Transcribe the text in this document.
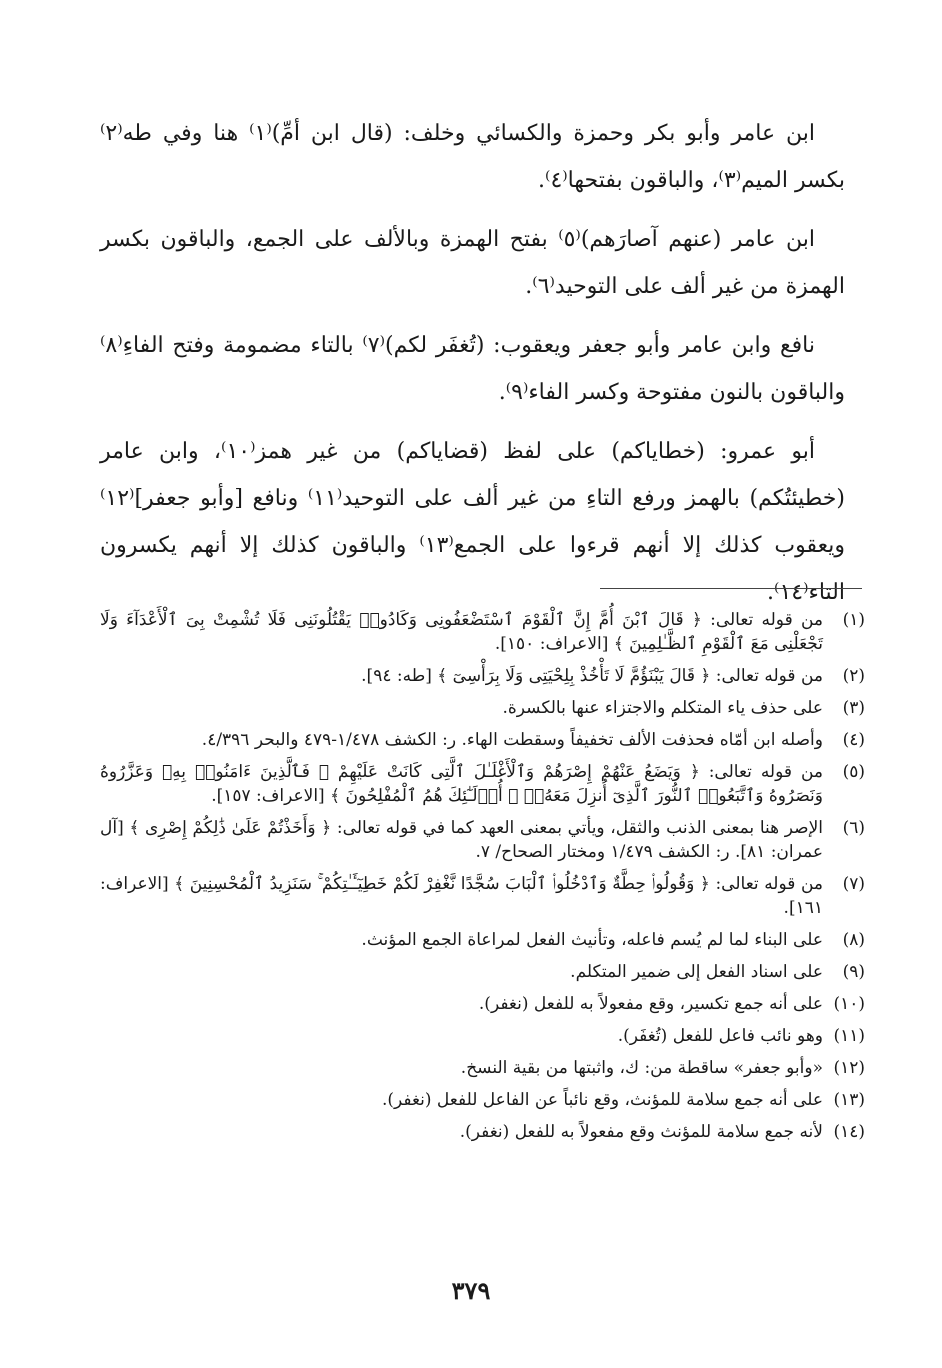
ابن عامر وأبو بكر وحمزة والكسائي وخلف: (قال ابن أمِّ)⁽١⁾ هنا وفي طه⁽٢⁾ بكسر الميم⁽٣⁾، والباقون بفتحها⁽٤⁾.

ابن عامر (عنهم آصارَهم)⁽٥⁾ بفتح الهمزة وبالألف على الجمع، والباقون بكسر الهمزة من غير ألف على التوحيد⁽٦⁾.

نافع وابن عامر وأبو جعفر ويعقوب: (تُغفَر لكم)⁽٧⁾ بالتاء مضمومة وفتح الفاءِ⁽٨⁾ والباقون بالنون مفتوحة وكسر الفاء⁽٩⁾.

أبو عمرو: (خطاياكم) على لفظ (قضاياكم) من غير همز⁽١٠⁾، وابن عامر (خطيئتُكم) بالهمز ورفع التاءِ من غير ألف على التوحيد⁽١١⁾ ونافع [وأبو جعفر]⁽١٢⁾ ويعقوب كذلك إلا أنهم قرءوا على الجمع⁽١٣⁾ والباقون كذلك إلا أنهم يكسرون التاء⁽١٤⁾.

(١)
من قوله تعالى: ﴿ قَالَ ٱبْنَ أُمَّ إِنَّ ٱلْقَوْمَ ٱسْتَضْعَفُونِى وَكَادُوا۟ يَقْتُلُونَنِى فَلَا تُشْمِتْ بِىَ ٱلْأَعْدَآءَ وَلَا تَجْعَلْنِى مَعَ ٱلْقَوْمِ ٱلظَّـٰلِمِينَ ﴾ [الاعراف: ١٥٠].
(٢)
من قوله تعالى: ﴿ قَالَ يَبْنَؤُمَّ لَا تَأْخُذْ بِلِحْيَتِى وَلَا بِرَأْسِىٓ ﴾ [طه: ٩٤].
(٣)
على حذف ياء المتكلم والاجتزاء عنها بالكسرة.
(٤)
وأصله ابن أمّاه فحذفت الألف تخفيفاً وسقطت الهاء. ر: الكشف ١/٤٧٨-٤٧٩ والبحر ٤/٣٩٦.
(٥)
من قوله تعالى: ﴿ وَيَضَعُ عَنْهُمْ إِصْرَهُمْ وَٱلْأَغْلَـٰلَ ٱلَّتِى كَانَتْ عَلَيْهِمْ ۚ فَٱلَّذِينَ ءَامَنُوا۟ بِهِۦ وَعَزَّرُوهُ وَنَصَرُوهُ وَٱتَّبَعُوا۟ ٱلنُّورَ ٱلَّذِىٓ أُنزِلَ مَعَهُۥٓ ۙ أُو۟لَـٰٓئِكَ هُمُ ٱلْمُفْلِحُونَ ﴾ [الاعراف: ١٥٧].
(٦)
الإصر هنا بمعنى الذنب والثقل، ويأتي بمعنى العهد كما في قوله تعالى: ﴿ وَأَخَذْتُمْ عَلَىٰ ذَٰلِكُمْ إِصْرِى ﴾ [آل عمران: ٨١]. ر: الكشف ١/٤٧٩ ومختار الصحاح/ ٧.
(٧)
من قوله تعالى: ﴿ وَقُولُوا۟ حِطَّةٌ وَٱدْخُلُوا۟ ٱلْبَابَ سُجَّدًا نَّغْفِرْ لَكُمْ خَطِيٓـَٔـٰتِكُمْ ۚ سَنَزِيدُ ٱلْمُحْسِنِينَ ﴾ [الاعراف: ١٦١].
(٨)
على البناء لما لم يُسم فاعله، وتأنيث الفعل لمراعاة الجمع المؤنث.
(٩)
على اسناد الفعل إلى ضمير المتكلم.
(١٠)
على أنه جمع تكسير، وقع مفعولاً به للفعل (نغفر).
(١١)
وهو نائب فاعل للفعل (تُغفَر).
(١٢)
«وأبو جعفر» ساقطة من: ك، واثبتها من بقية النسخ.
(١٣)
على أنه جمع سلامة للمؤنث، وقع نائباً عن الفاعل للفعل (نغفر).
(١٤)
لأنه جمع سلامة للمؤنث وقع مفعولاً به للفعل (نغفر).
٣٧٩
